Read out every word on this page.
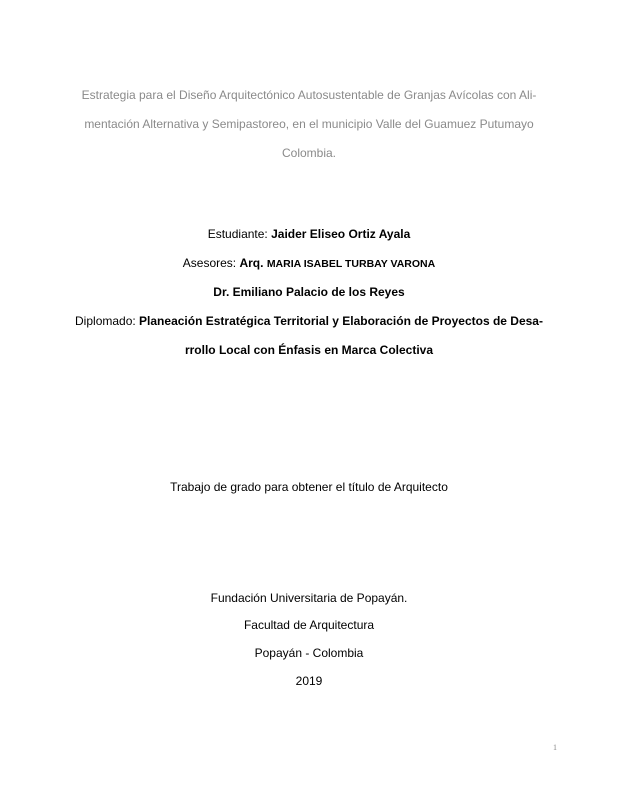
Estrategia para el Diseño Arquitectónico Autosustentable de Granjas Avícolas con Ali-
mentación Alternativa y Semipastoreo, en el municipio Valle del Guamuez Putumayo
Colombia.
Estudiante: Jaider Eliseo Ortiz Ayala
Asesores: Arq. MARIA ISABEL TURBAY VARONA
Dr. Emiliano Palacio de los Reyes
Diplomado: Planeación Estratégica Territorial y Elaboración de Proyectos de Desa-
rrollo Local con Énfasis en Marca Colectiva
Trabajo de grado para obtener el título de Arquitecto
Fundación Universitaria de Popayán.
Facultad de Arquitectura
Popayán - Colombia
2019
1
